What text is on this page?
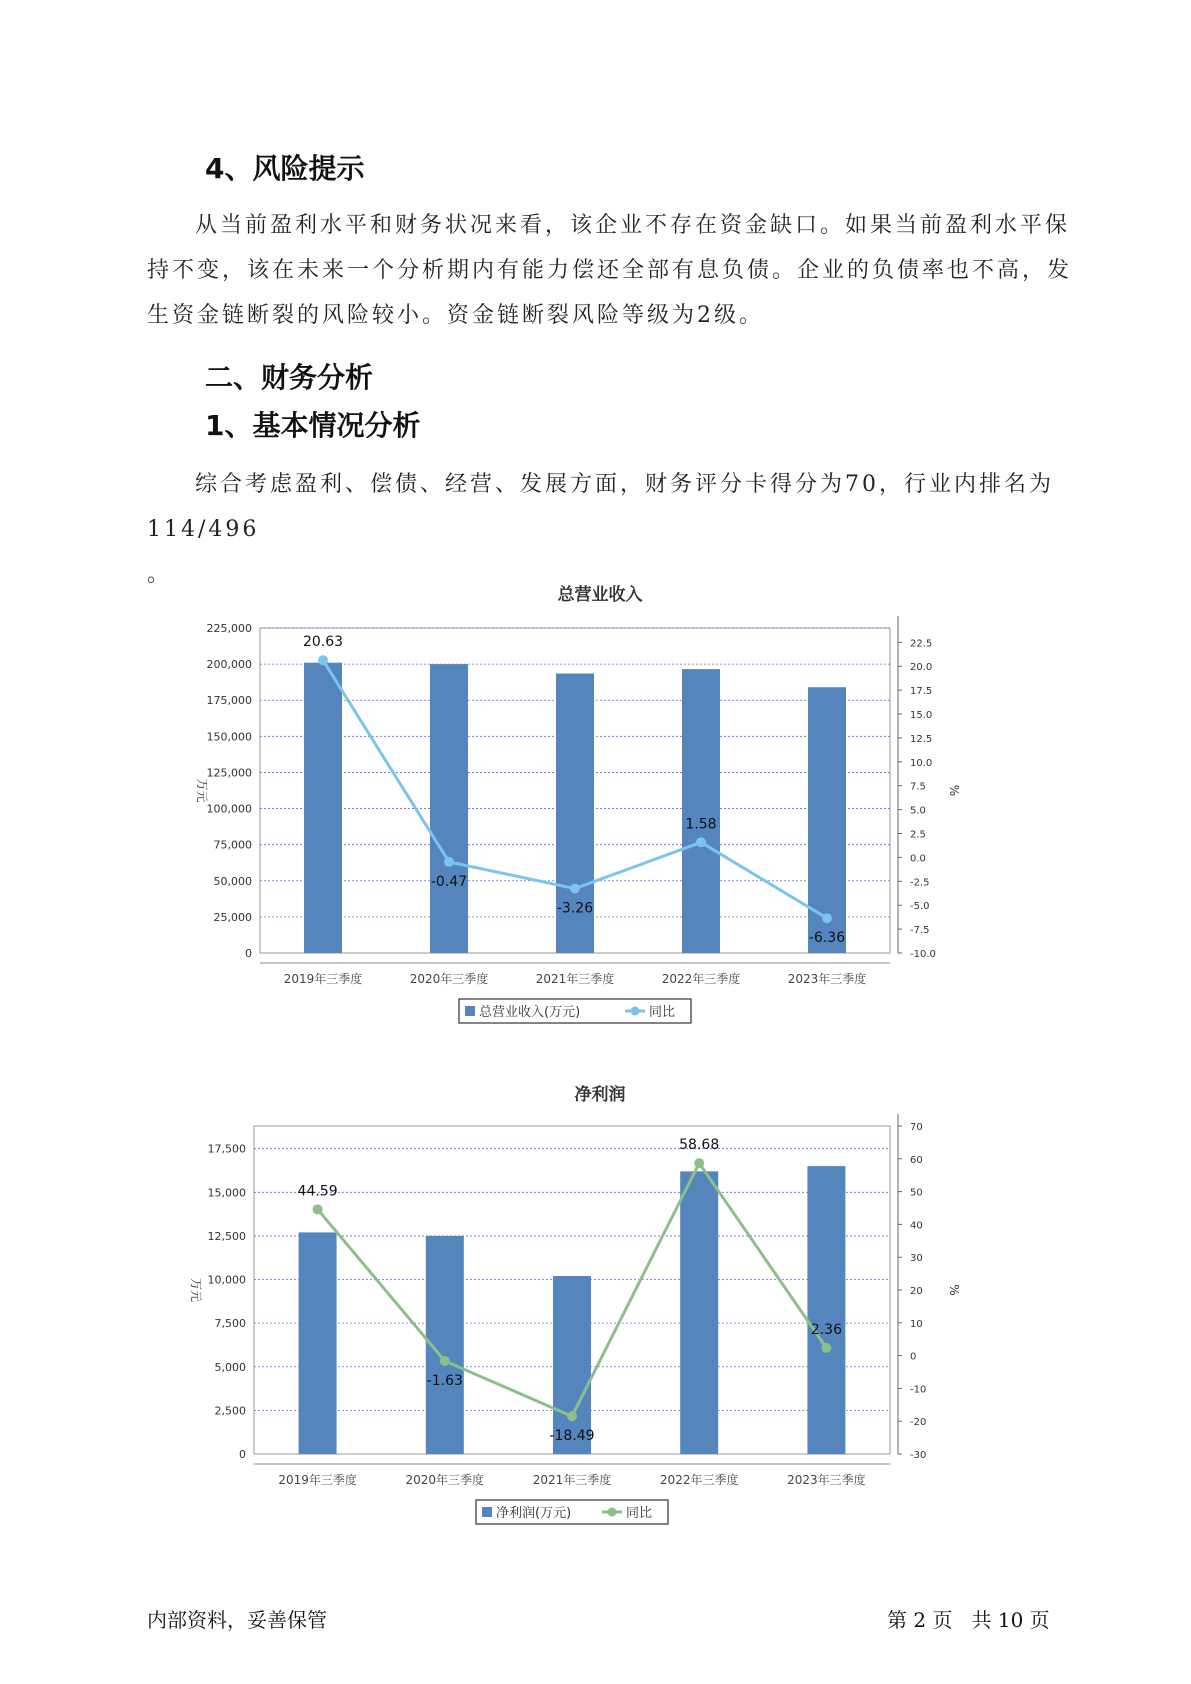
4、风险提示
从当前盈利水平和财务状况来看，该企业不存在资金缺口。如果当前盈利水平保持不变，该在未来一个分析期内有能力偿还全部有息负债。企业的负债率也不高，发生资金链断裂的风险较小。资金链断裂风险等级为2级。
二、财务分析
1、基本情况分析
综合考虑盈利、偿债、经营、发展方面，财务评分卡得分为70，行业内排名为114/496
。
总营业收入
0
25,000
50,000
75,000
100,000
125,000
150,000
175,000
200,000
225,000
万元
-10.0
-7.5
-5.0
-2.5
0.0
2.5
5.0
7.5
10.0
12.5
15.0
17.5
20.0
22.5
%
2019年三季度	2020年三季度	2021年三季度	2022年三季度	2023年三季度
20.63
-0.47
-3.26
1.58
-6.36
总营业收入(万元)	同比
净利润
0
2,500
5,000
7,500
10,000
12,500
15,000
17,500
万元
-30
-20
-10
0
10
20
30
40
50
60
70
%
2019年三季度	2020年三季度	2021年三季度	2022年三季度	2023年三季度
44.59
-1.63
-18.49
58.68
2.36
净利润(万元)	同比
内部资料，妥善保管	第 2 页   共 10 页
